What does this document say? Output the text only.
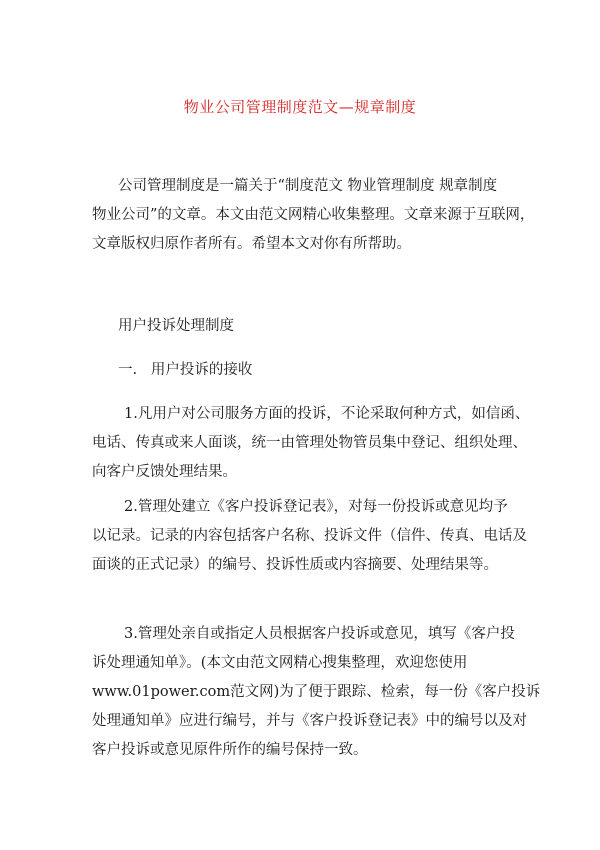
物业公司管理制度范文—规章制度
公司管理制度是一篇关于“制度范文 物业管理制度 规章制度
物业公司”的文章。本文由范文网精心收集整理。文章来源于互联网，
文章版权归原作者所有。希望本文对你有所帮助。
用户投诉处理制度
一.   用户投诉的接收
1.凡用户对公司服务方面的投诉，不论采取何种方式，如信函、
电话、传真或来人面谈，统一由管理处物管员集中登记、组织处理、
向客户反馈处理结果。
2.管理处建立《客户投诉登记表》，对每一份投诉或意见均予
以记录。记录的内容包括客户名称、投诉文件（信件、传真、电话及
面谈的正式记录）的编号、投诉性质或内容摘要、处理结果等。
3.管理处亲自或指定人员根据客户投诉或意见，填写《客户投
诉处理通知单》。(本文由范文网精心搜集整理，欢迎您使用
www.01power.com范文网)为了便于跟踪、检索，每一份《客户投诉
处理通知单》应进行编号，并与《客户投诉登记表》中的编号以及对
客户投诉或意见原件所作的编号保持一致。
